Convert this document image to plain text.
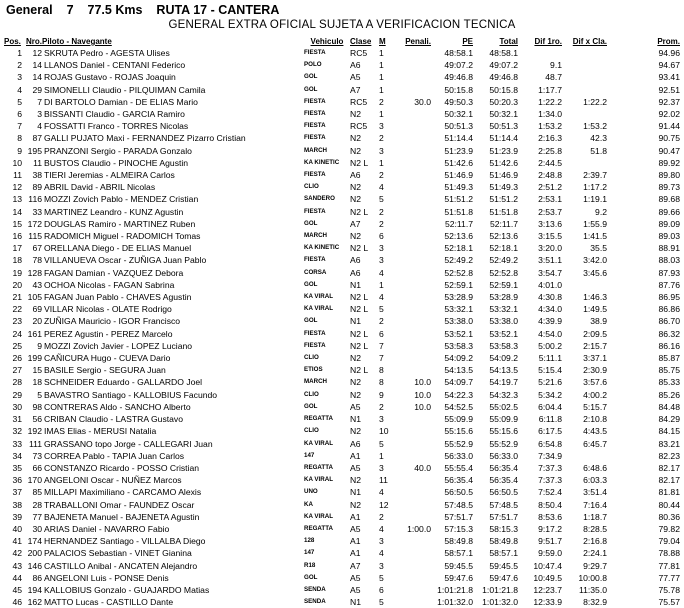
General 7 77.5 Kms RUTA 17 - CANTERA
GENERAL EXTRA OFICIAL SUJETA A VERIFICACION TECNICA
Pos.	Nro.	Piloto - Navegante	Vehiculo	Clase	M	Penali.	PE	Total	Dif 1ro.	Dif x Cla.	Prom.
1	12	SKRUTA Pedro - AGESTA Ulises	FIESTA	RC5	1		48:58.1	48:58.1			94.96
2	14	LLANOS Daniel - CENTANI Federico	POLO	A6	1		49:07.2	49:07.2	9.1		94.67
3	14	ROJAS Gustavo - ROJAS Joaquin	GOL	A5	1		49:46.8	49:46.8	48.7		93.41
4	29	SIMONELLI Claudio - PILQUIMAN Camila	GOL	A7	1		50:15.8	50:15.8	1:17.7		92.51
5	7	DI BARTOLO Damian - DE ELIAS Mario	FIESTA	RC5	2	30.0	49:50.3	50:20.3	1:22.2	1:22.2	92.37
6	3	BISSANTI Claudio - GARCIA Ramiro	FIESTA	N2	1		50:32.1	50:32.1	1:34.0		92.02
7	4	FOSSATTI Franco - TORRES Nicolas	FIESTA	RC5	3		50:51.3	50:51.3	1:53.2	1:53.2	91.44
8	87	GALLI PUJATO Maxi - FERNANDEZ Pizarro Cristian	FIESTA	N2	2		51:14.4	51:14.4	2:16.3	42.3	90.75
9	195	PRANZONI Sergio - PARADA Gonzalo	MARCH	N2	3		51:23.9	51:23.9	2:25.8	51.8	90.47
10	11	BUSTOS Claudio - PINOCHE Agustin	KA KINETIC	N2 L	1		51:42.6	51:42.6	2:44.5		89.92
11	38	TIERI Jeremias - ALMEIRA Carlos	FIESTA	A6	2		51:46.9	51:46.9	2:48.8	2:39.7	89.80
12	89	ABRIL David - ABRIL Nicolas	CLIO	N2	4		51:49.3	51:49.3	2:51.2	1:17.2	89.73
13	116	MOZZI Zovich Pablo - MENDEZ Cristian	SANDERO	N2	5		51:51.2	51:51.2	2:53.1	1:19.1	89.68
14	33	MARTINEZ Leandro - KUNZ Agustin	FIESTA	N2 L	2		51:51.8	51:51.8	2:53.7	9.2	89.66
15	172	DOUGLAS Ramiro - MARTINEZ Ruben	GOL	A7	2		52:11.7	52:11.7	3:13.6	1:55.9	89.09
16	115	RADOMICH Miguel - RADOMICH Tomas	MARCH	N2	6		52:13.6	52:13.6	3:15.5	1:41.5	89.03
17	67	ORELLANA Diego - DE ELIAS Manuel	KA KINETIC	N2 L	3		52:18.1	52:18.1	3:20.0	35.5	88.91
18	78	VILLANUEVA Oscar - ZUÑIGA Juan Pablo	FIESTA	A6	3		52:49.2	52:49.2	3:51.1	3:42.0	88.03
19	128	FAGAN Damian - VAZQUEZ Debora	CORSA	A6	4		52:52.8	52:52.8	3:54.7	3:45.6	87.93
20	43	OCHOA Nicolas - FAGAN Sabrina	GOL	N1	1		52:59.1	52:59.1	4:01.0		87.76
21	105	FAGAN Juan Pablo - CHAVES Agustin	KA VIRAL	N2 L	4		53:28.9	53:28.9	4:30.8	1:46.3	86.95
22	69	VILLAR Nicolas - OLATE Rodrigo	KA VIRAL	N2 L	5		53:32.1	53:32.1	4:34.0	1:49.5	86.86
23	20	ZUÑIGA Mauricio - IGOR Francisco	GOL	N1	2		53:38.0	53:38.0	4:39.9	38.9	86.70
24	161	PEREZ Agustin - PEREZ Marcelo	FIESTA	N2 L	6		53:52.1	53:52.1	4:54.0	2:09.5	86.32
25	9	MOZZI Zovich Javier - LOPEZ Luciano	FIESTA	N2 L	7		53:58.3	53:58.3	5:00.2	2:15.7	86.16
26	199	CAÑICURA Hugo - CUEVA Dario	CLIO	N2	7		54:09.2	54:09.2	5:11.1	3:37.1	85.87
27	15	BASILE Sergio - SEGURA Juan	ETIOS	N2 L	8		54:13.5	54:13.5	5:15.4	2:30.9	85.75
28	18	SCHNEIDER Eduardo - GALLARDO Joel	MARCH	N2	8	10.0	54:09.7	54:19.7	5:21.6	3:57.6	85.33
29	5	BAVASTRO Santiago - KALLOBIUS Facundo	CLIO	N2	9	10.0	54:22.3	54:32.3	5:34.2	4:00.2	85.26
30	98	CONTRERAS Aldo - SANCHO Alberto	GOL	A5	2	10.0	54:52.5	55:02.5	6:04.4	5:15.7	84.48
31	56	CRIBAN Claudio - LASTRA Gustavo	REGATTA	N1	3		55:09.9	55:09.9	6:11.8	2:10.8	84.29
32	192	IMAS Elias - MERUSI Natalia	CLIO	N2	10		55:15.6	55:15.6	6:17.5	4:43.5	84.15
33	111	GRASSANO topo Jorge - CALLEGARI Juan	KA VIRAL	A6	5		55:52.9	55:52.9	6:54.8	6:45.7	83.21
34	73	CORREA Pablo - TAPIA Juan Carlos	147	A1	1		56:33.0	56:33.0	7:34.9		82.23
35	66	CONSTANZO Ricardo - POSSO Cristian	REGATTA	A5	3	40.0	55:55.4	56:35.4	7:37.3	6:48.6	82.17
36	170	ANGELONI Oscar - NUÑEZ Marcos	KA VIRAL	N2	11		56:35.4	56:35.4	7:37.3	6:03.3	82.17
37	85	MILLAPI Maximiliano - CARCAMO Alexis	UNO	N1	4		56:50.5	56:50.5	7:52.4	3:51.4	81.81
38	28	TRABALLONI Omar - FAUNDEZ Oscar	KA	N2	12		57:48.5	57:48.5	8:50.4	7:16.4	80.44
39	77	BAJENETA Manuel - BAJENETA Agustin	KA VIRAL	A1	2		57:51.7	57:51.7	8:53.6	1:18.7	80.36
40	30	ARIAS Daniel - NAVARRO Fabio	REGATTA	A5	4	1:00.0	57:15.3	58:15.3	9:17.2	8:28.5	79.82
41	174	HERNANDEZ Santiago - VILLALBA Diego	128	A1	3		58:49.8	58:49.8	9:51.7	2:16.8	79.04
42	200	PALACIOS Sebastian - VINET Gianina	147	A1	4		58:57.1	58:57.1	9:59.0	2:24.1	78.88
43	146	CASTILLO Anibal - ANCATEN Alejandro	R18	A7	3		59:45.5	59:45.5	10:47.4	9:29.7	77.81
44	86	ANGELONI Luis - PONSE Denis	GOL	A5	5		59:47.6	59:47.6	10:49.5	10:00.8	77.77
45	194	KALLOBIUS Gonzalo - GUAJARDO Matias	SENDA	A5	6		1:01:21.8	1:01:21.8	12:23.7	11:35.0	75.78
46	162	MATTO Lucas - CASTILLO Dante	SENDA	N1	5		1:01:32.0	1:01:32.0	12:33.9	8:32.9	75.57
